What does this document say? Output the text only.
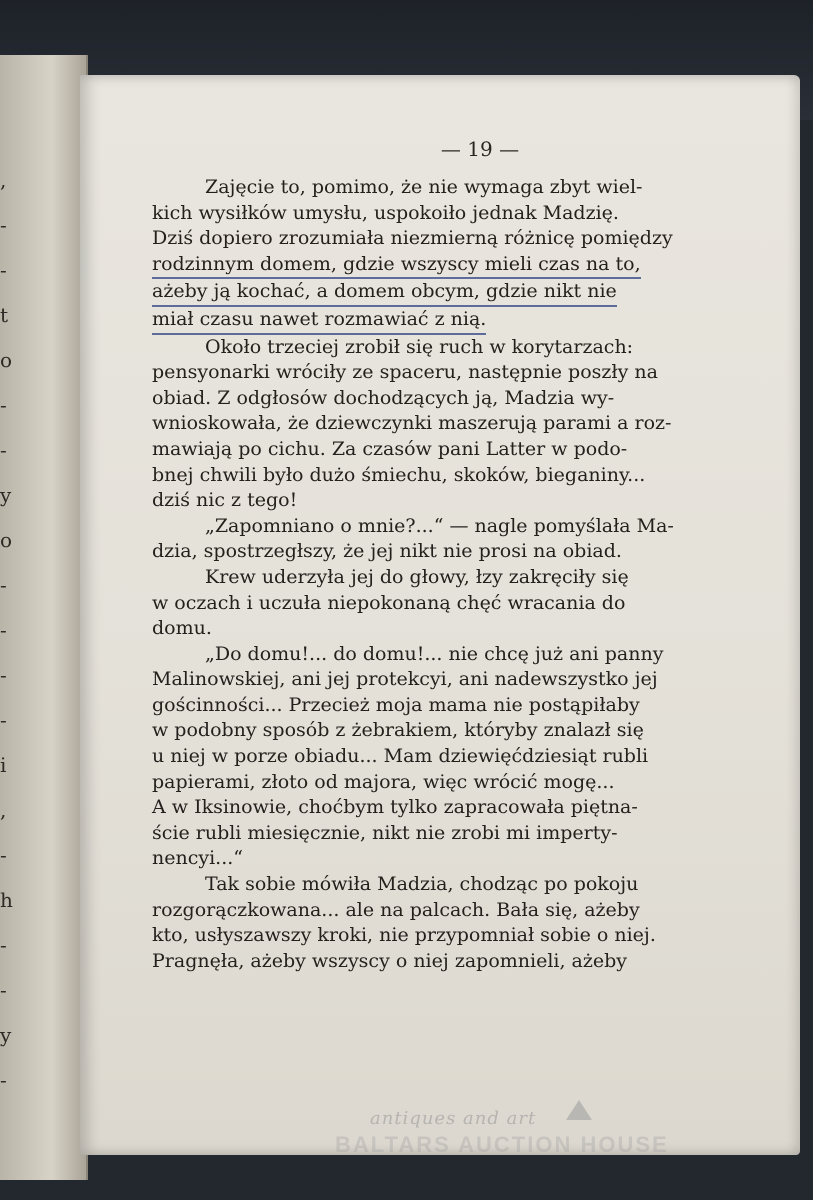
,
-
-
t
o
-
-
y
o
-
-
-
-
i
,
-
h
-
-
y
-
— 19 —

Zajęcie to, pomimo, że nie wymaga zbyt wiel-
kich wysiłków umysłu, uspokoiło jednak Madzię.
Dziś dopiero zrozumiała niezmierną różnicę pomiędzy
rodzinnym domem, gdzie wszyscy mieli czas na to,
ażeby ją kochać, a domem obcym, gdzie nikt nie
miał czasu nawet rozmawiać z nią.

Około trzeciej zrobił się ruch w korytarzach:
pensyonarki wróciły ze spaceru, następnie poszły na
obiad. Z odgłosów dochodzących ją, Madzia wy-
wnioskowała, że dziewczynki maszerują parami a roz-
mawiają po cichu. Za czasów pani Latter w podo-
bnej chwili było dużo śmiechu, skoków, bieganiny...
dziś nic z tego!

„Zapomniano o mnie?...“ — nagle pomyślała Ma-
dzia, spostrzegłszy, że jej nikt nie prosi na obiad.

Krew uderzyła jej do głowy, łzy zakręciły się
w oczach i uczuła niepokonaną chęć wracania do
domu.

„Do domu!... do domu!... nie chcę już ani panny
Malinowskiej, ani jej protekcyi, ani nadewszystko jej
gościnności... Przecież moja mama nie postąpiłaby
w podobny sposób z żebrakiem, któryby znalazł się
u niej w porze obiadu... Mam dziewięćdziesiąt rubli
papierami, złoto od majora, więc wrócić mogę...
A w Iksinowie, choćbym tylko zapracowała piętna-
ście rubli miesięcznie, nikt nie zrobi mi imperty-
nencyi...“

Tak sobie mówiła Madzia, chodząc po pokoju
rozgorączkowana... ale na palcach. Bała się, ażeby
kto, usłyszawszy kroki, nie przypomniał sobie o niej.
Pragnęła, ażeby wszyscy o niej zapomnieli, ażeby

antiques and art
BALTARS AUCTION HOUSE
